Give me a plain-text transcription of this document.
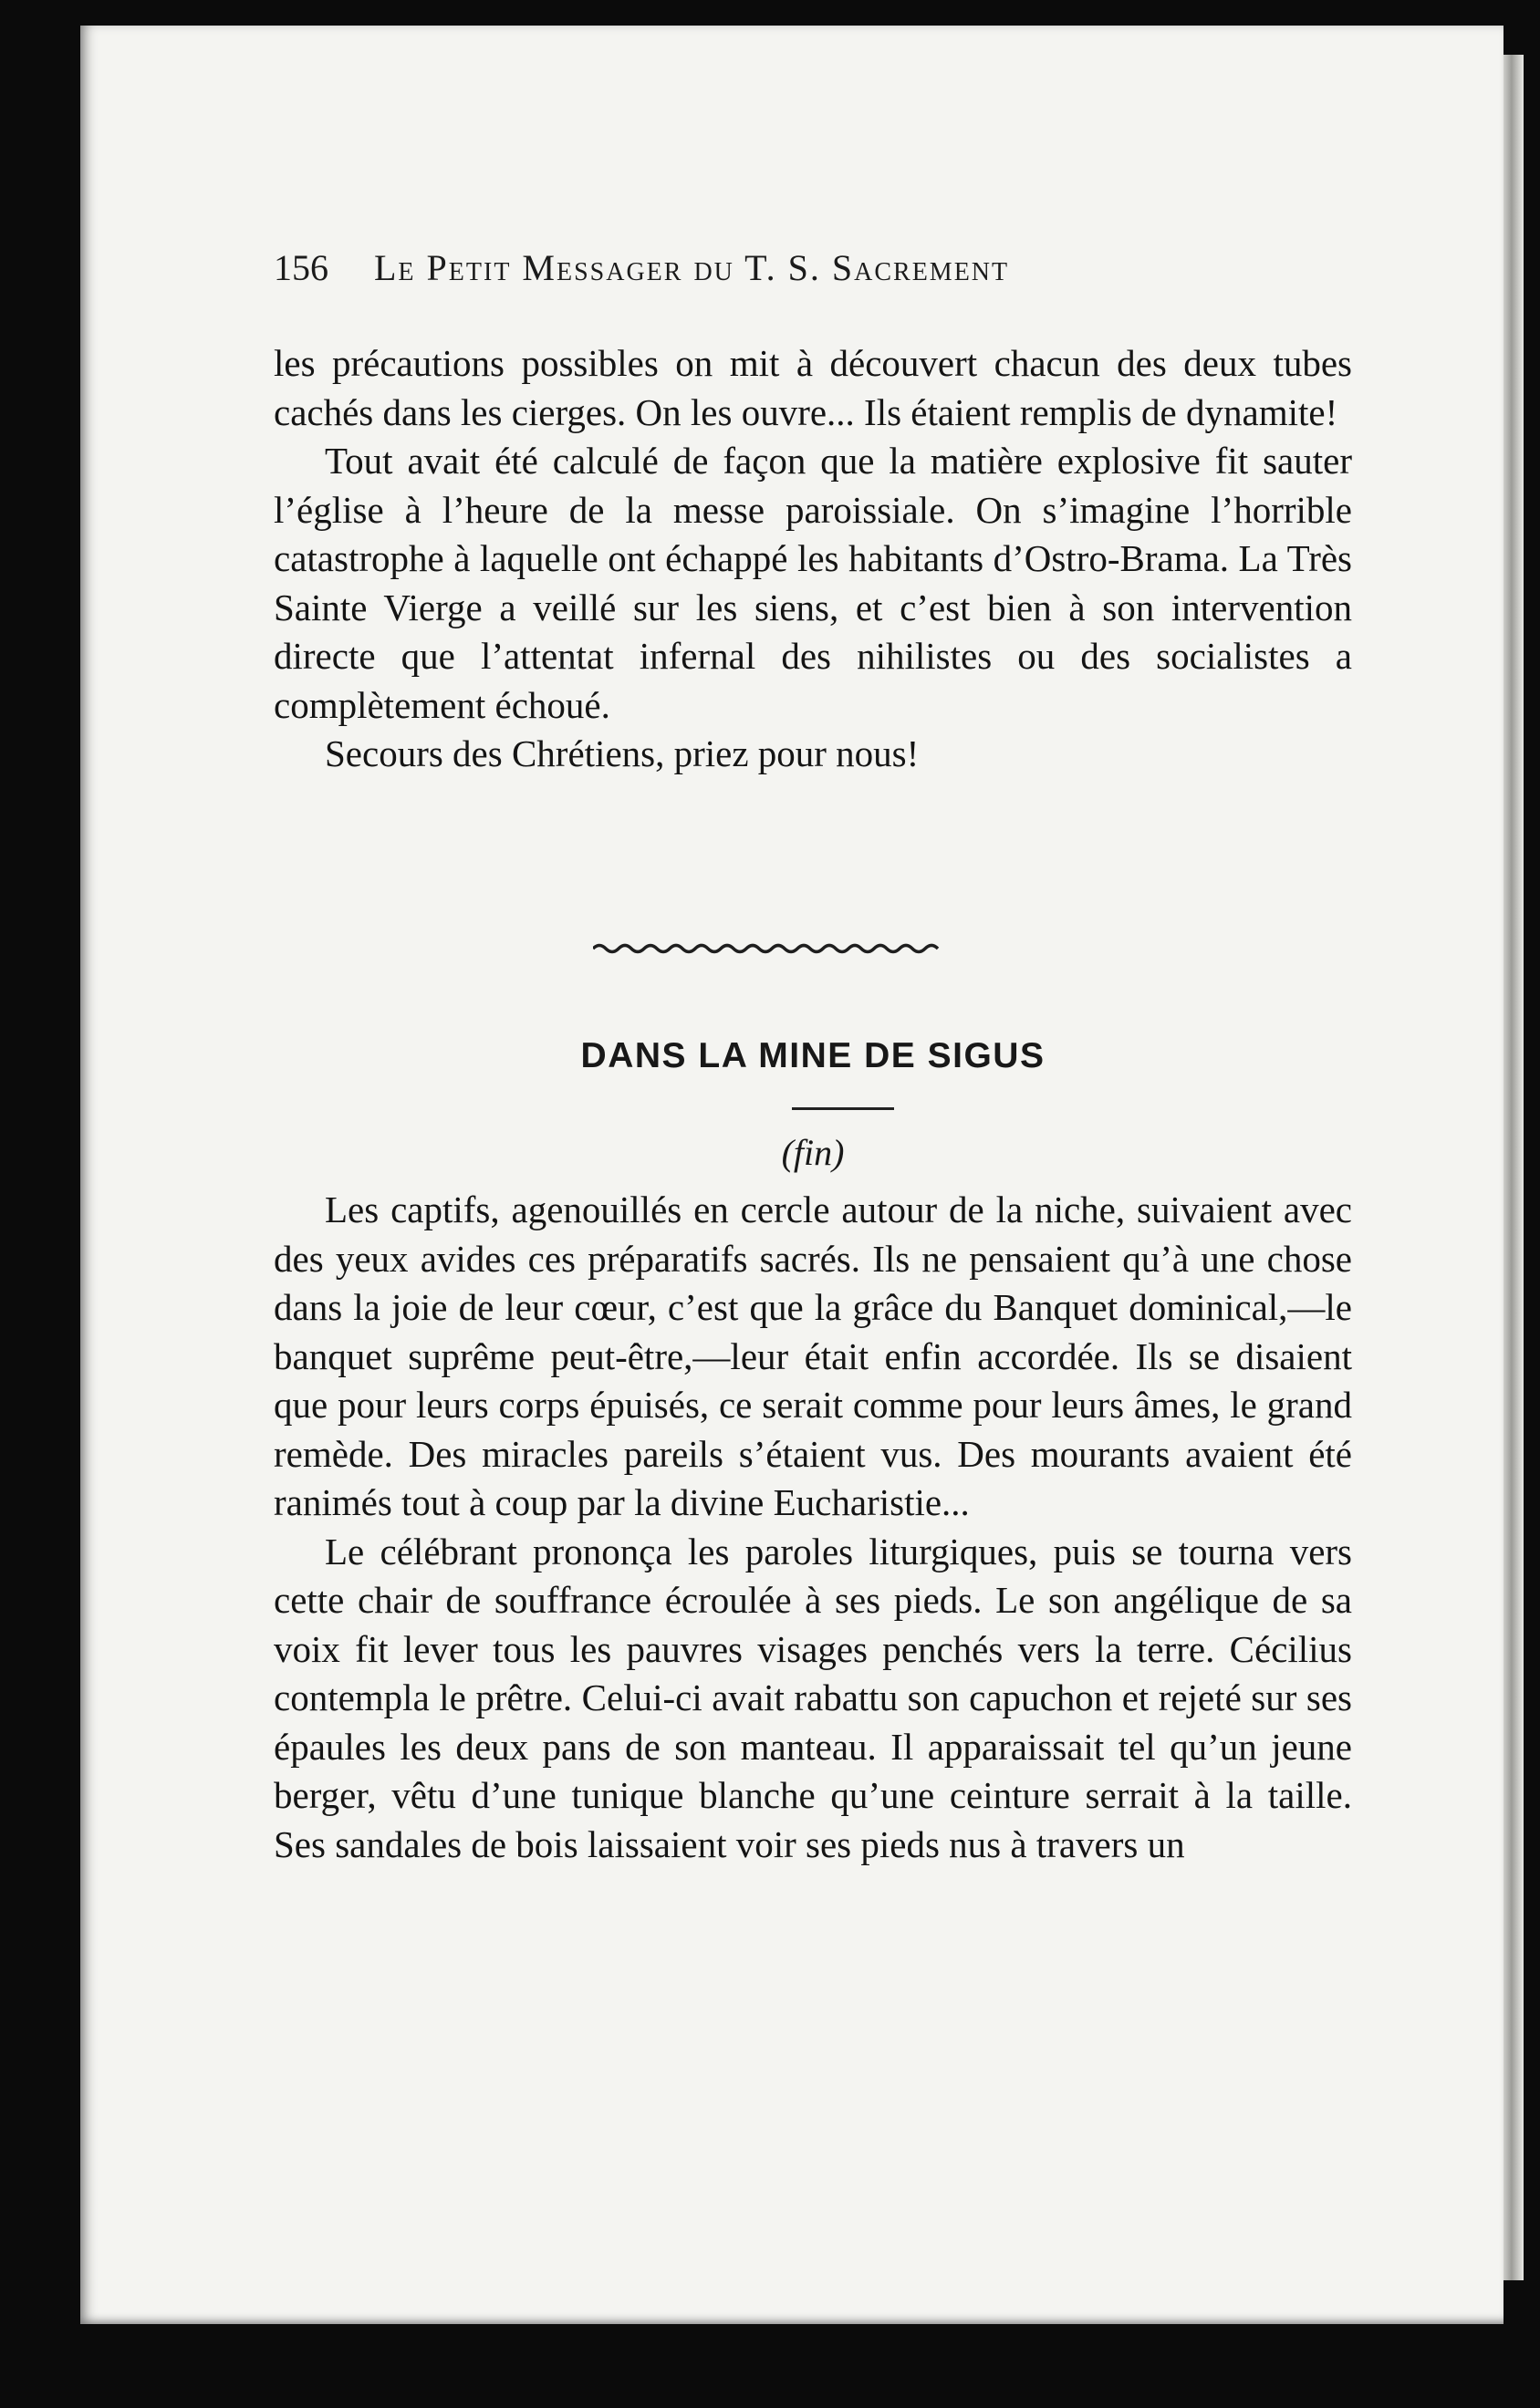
156	Le Petit Messager du T. S. Sacrement

les précautions possibles on mit à découvert chacun des deux tubes cachés dans les cierges. On les ouvre... Ils étaient remplis de dynamite!

Tout avait été calculé de façon que la matière explosive fit sauter l’église à l’heure de la messe paroissiale. On s’imagine l’horrible catastrophe à laquelle ont échappé les habitants d’Ostro-Brama. La Très Sainte Vierge a veillé sur les siens, et c’est bien à son intervention directe que l’attentat infernal des nihilistes ou des socialistes a complètement échoué.

Secours des Chrétiens, priez pour nous!

DANS LA MINE DE SIGUS
(fin)

Les captifs, agenouillés en cercle autour de la niche, suivaient avec des yeux avides ces préparatifs sacrés. Ils ne pensaient qu’à une chose dans la joie de leur cœur, c’est que la grâce du Banquet dominical,—le banquet suprême peut-être,—leur était enfin accordée. Ils se disaient que pour leurs corps épuisés, ce serait comme pour leurs âmes, le grand remède. Des miracles pareils s’étaient vus. Des mourants avaient été ranimés tout à coup par la divine Eucharistie...

Le célébrant prononça les paroles liturgiques, puis se tourna vers cette chair de souffrance écroulée à ses pieds. Le son angélique de sa voix fit lever tous les pauvres visages penchés vers la terre. Cécilius contempla le prêtre. Celui-ci avait rabattu son capuchon et rejeté sur ses épaules les deux pans de son manteau. Il apparaissait tel qu’un jeune berger, vêtu d’une tunique blanche qu’une ceinture serrait à la taille. Ses sandales de bois laissaient voir ses pieds nus à travers un
